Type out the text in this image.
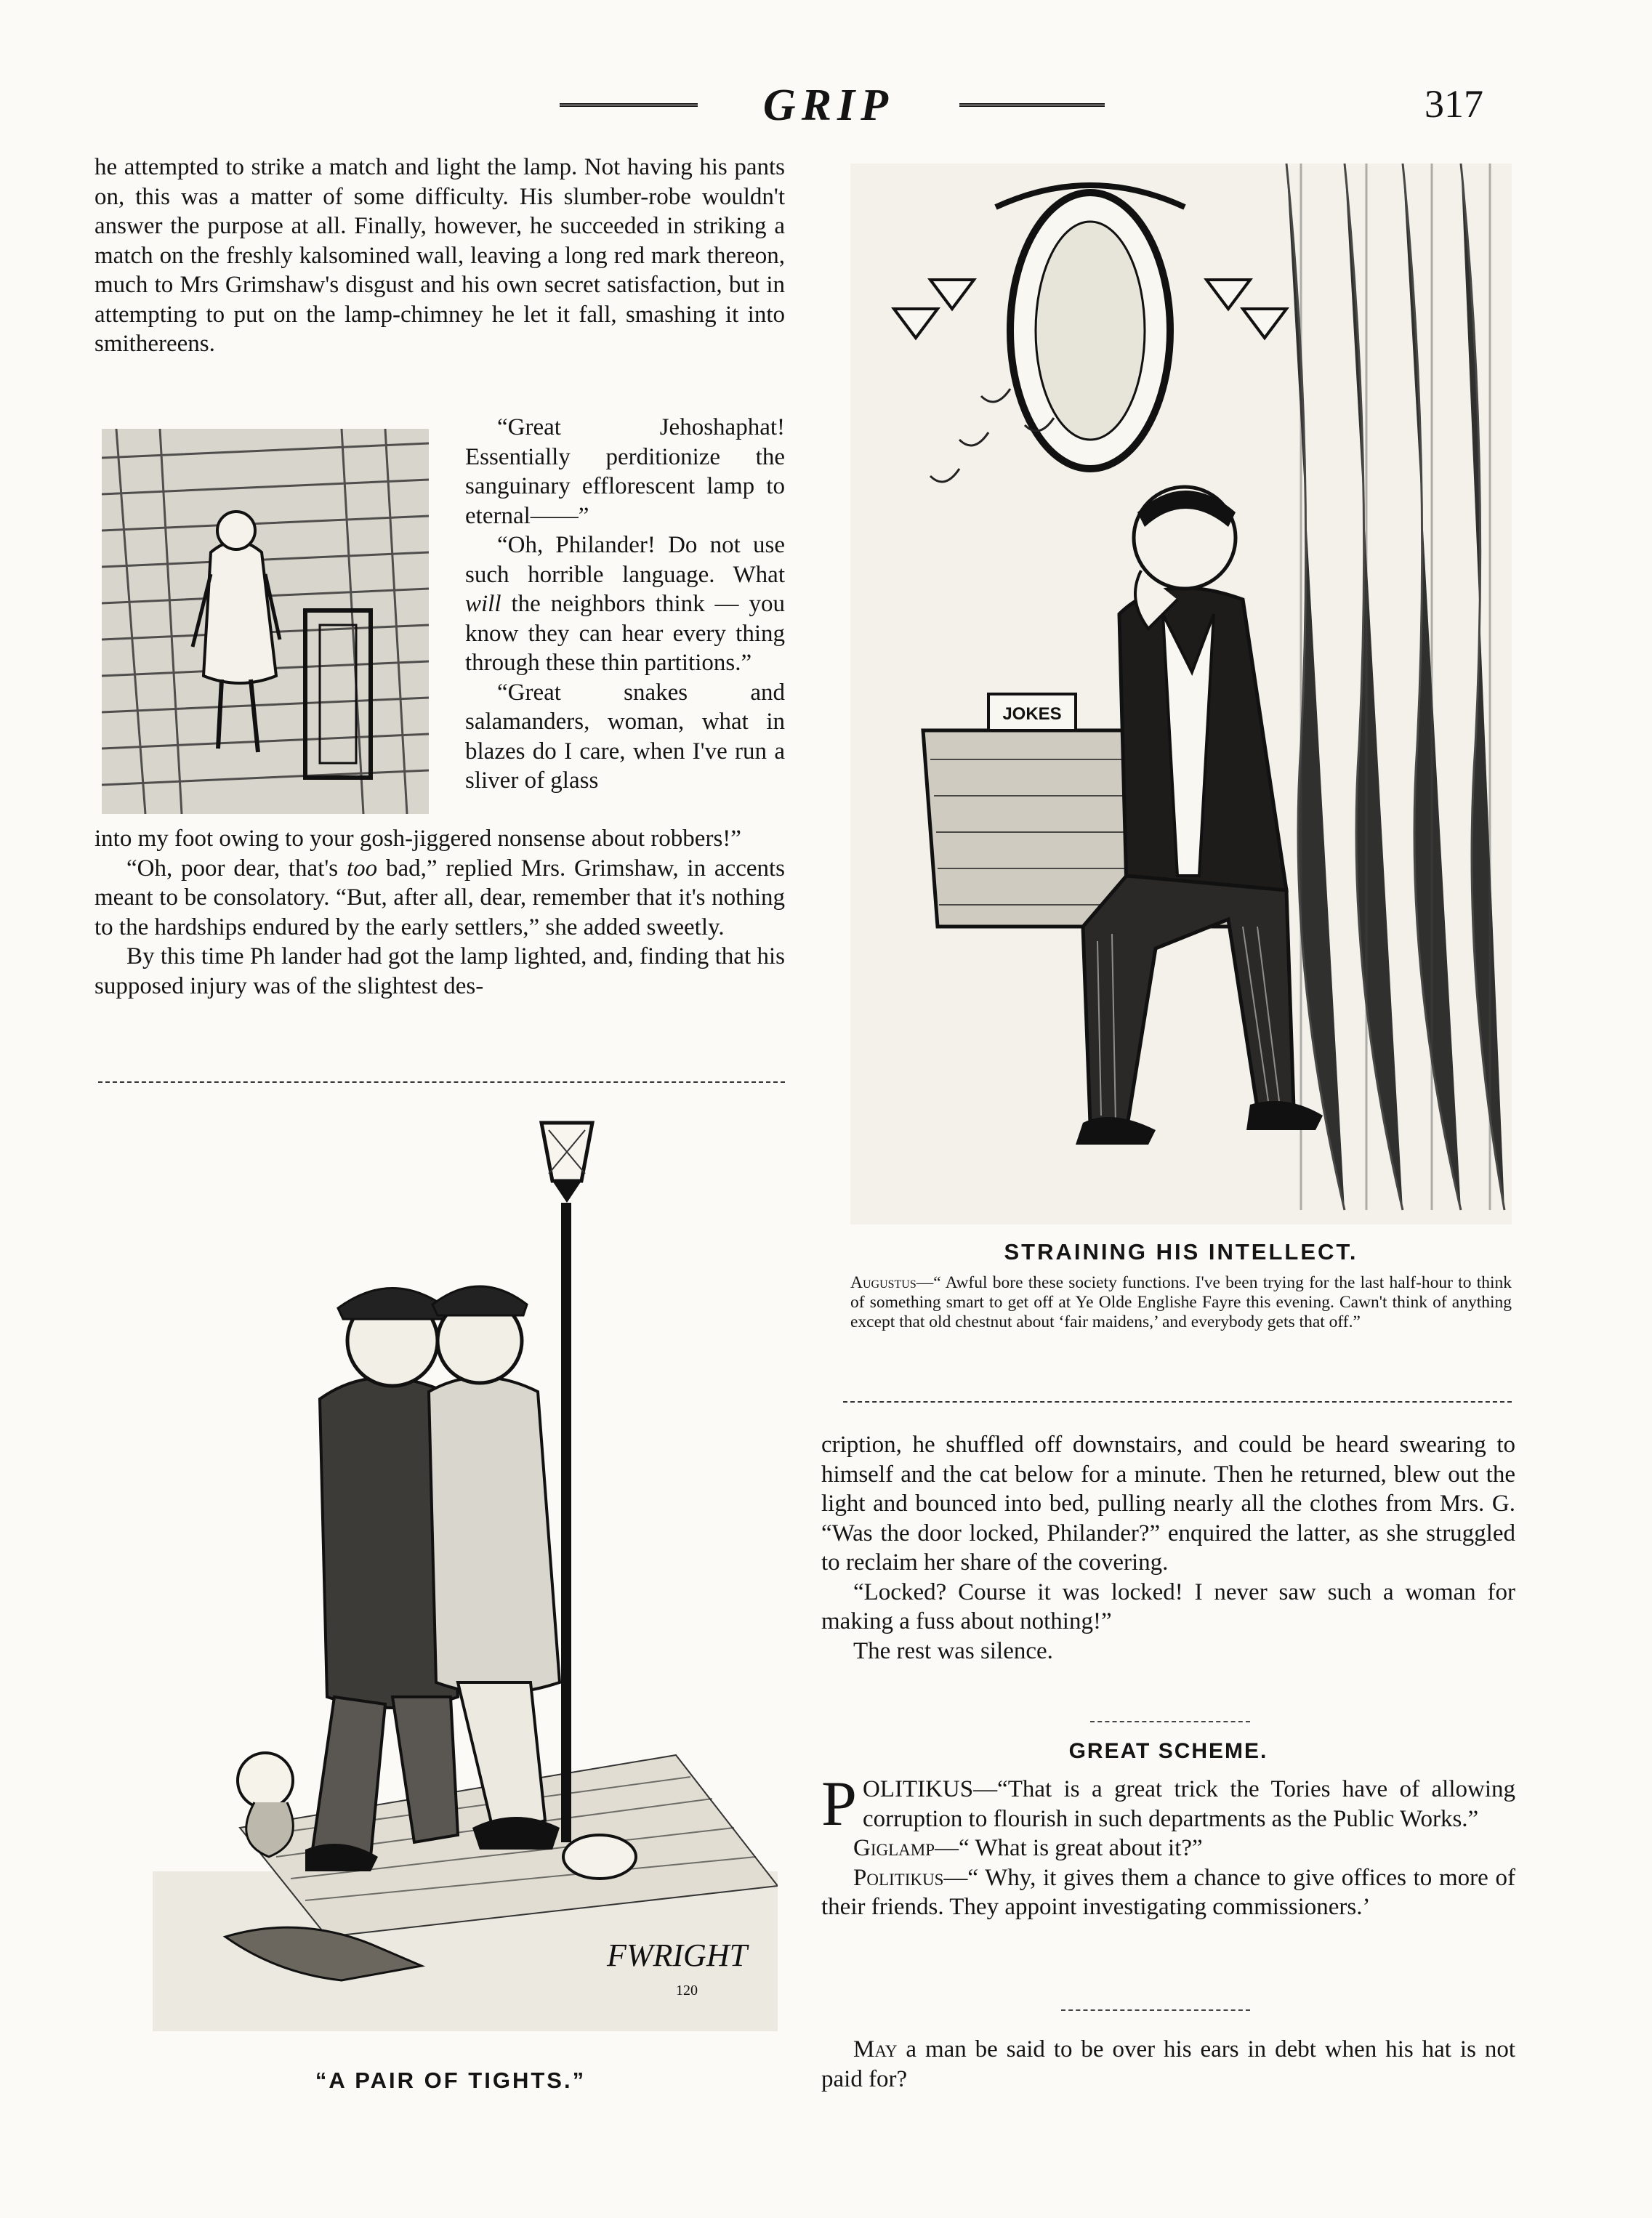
GRIP	317

he attempted to strike a match and light the lamp. Not having his pants on, this was a matter of some difficulty. His slumber-robe wouldn't answer the purpose at all. Finally, however, he succeeded in striking a match on the freshly kalsomined wall, leaving a long red mark thereon, much to Mrs Grimshaw's disgust and his own secret satisfaction, but in attempting to put on the lamp-chimney he let it fall, smashing it into smithereens.

“Great Jehoshaphat! Essentially perditionize the sanguinary efflorescent lamp to eternal——”

“Oh, Philander! Do not use such horrible language. What will the neighbors think — you know they can hear every thing through these thin partitions.”

“Great snakes and salamanders, woman, what in blazes do I care, when I've run a sliver of glass

into my foot owing to your gosh-jiggered nonsense about robbers!”

“Oh, poor dear, that's too bad,” replied Mrs. Grimshaw, in accents meant to be consolatory. “But, after all, dear, remember that it's nothing to the hardships endured by the early settlers,” she added sweetly.

By this time Ph lander had got the lamp lighted, and, finding that his supposed injury was of the slightest des-

FWRIGHT
120
“A PAIR OF TIGHTS.”
JOKES
STRAINING HIS INTELLECT.
Augustus—“ Awful bore these society functions. I've been trying for the last half-hour to think of something smart to get off at Ye Olde Englishe Fayre this evening. Cawn't think of anything except that old chestnut about ‘fair maidens,’ and everybody gets that off.”

cription, he shuffled off downstairs, and could be heard swearing to himself and the cat below for a minute. Then he returned, blew out the light and bounced into bed, pulling nearly all the clothes from Mrs. G. “Was the door locked, Philander?” enquired the latter, as she struggled to reclaim her share of the covering.

“Locked? Course it was locked! I never saw such a woman for making a fuss about nothing!”

The rest was silence.

GREAT SCHEME.

POLITIKUS—“That is a great trick the Tories have of allowing corruption to flourish in such departments as the Public Works.”

Giglamp—“ What is great about it?”

Politikus—“ Why, it gives them a chance to give offices to more of their friends. They appoint investigating commissioners.’

May a man be said to be over his ears in debt when his hat is not paid for?
